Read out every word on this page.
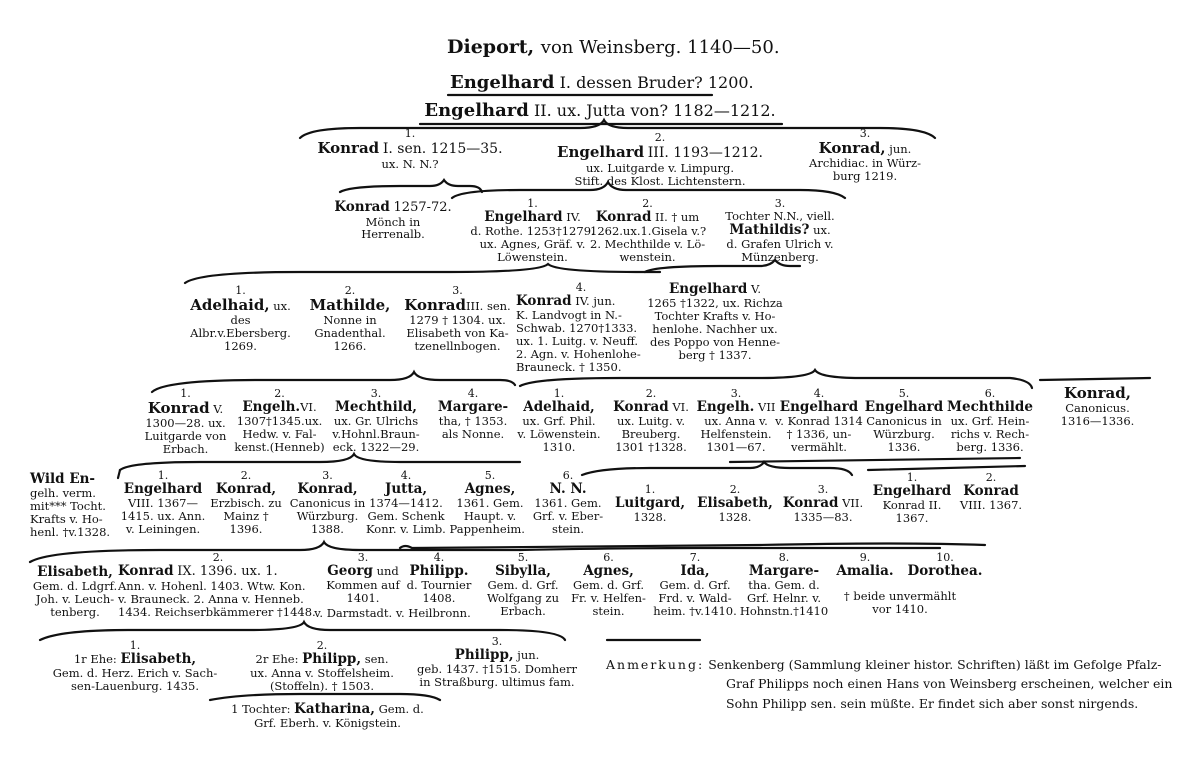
Dieport, von Weinsberg. 1140—50.
Engelhard I. dessen Bruder? 1200.
Engelhard II. ux. Jutta von? 1182—1212.
1.
Konrad I. sen. 1215—35.
ux. N. N.?
2.
Engelhard III. 1193—1212.
ux. Luitgarde v. Limpurg.
Stift. des Klost. Lichtenstern.
3.
Konrad, jun.
Archidiac. in Würz-
burg 1219.
Konrad 1257-72.
Mönch in
Herrenalb.
1.
Engelhard IV.
d. Rothe. 1253†1279.
ux. Agnes, Gräf. v.
Löwenstein.
2.
Konrad II. † um
1262.ux.1.Gisela v.?
2. Mechthilde v. Lö-
wenstein.
3.
Tochter N.N., viell.
Mathildis? ux.
d. Grafen Ulrich v.
Münzenberg.
1.
Adelhaid, ux.
des
Albr.v.Ebersberg.
1269.
2.
Mathilde,
Nonne in
Gnadenthal.
1266.
3.
KonradIII. sen.
1279 † 1304. ux.
Elisabeth von Ka-
tzenellnbogen.
4.
Konrad IV. jun.
K. Landvogt in N.-
Schwab. 1270†1333.
ux. 1. Luitg. v. Neuff.
2. Agn. v. Hohenlohe-
Brauneck. † 1350.
Engelhard V.
1265 †1322, ux. Richza
Tochter Krafts v. Ho-
henlohe. Nachher ux.
des Poppo von Henne-
berg † 1337.
1.
Konrad V.
1300—28. ux.
Luitgarde von
Erbach.
2.
Engelh.VI.
1307†1345.ux.
Hedw. v. Fal-
kenst.(Henneb)
3.
Mechthild,
ux. Gr. Ulrichs
v.Hohnl.Braun-
eck. 1322—29.
4.
Margare-
tha, † 1353.
als Nonne.
1.
Adelhaid,
ux. Grf. Phil.
v. Löwenstein.
1310.
2.
Konrad VI.
ux. Luitg. v.
Breuberg.
1301 †1328.
3.
Engelh. VII
ux. Anna v.
Helfenstein.
1301—67.
4.
Engelhard
v. Konrad 1314
† 1336, un-
vermählt.
5.
Engelhard
Canonicus in
Würzburg.
1336.
6.
Mechthilde
ux. Grf. Hein-
richs v. Rech-
berg. 1336.
Konrad,
Canonicus.
1316—1336.
Wild En-
gelh. verm.
mit*** Tocht.
Krafts v. Ho-
henl. †v.1328.
1.
Engelhard
VIII. 1367—
1415. ux. Ann.
v. Leiningen.
2.
Konrad,
Erzbisch. zu
Mainz †
1396.
3.
Konrad,
Canonicus in
Würzburg.
1388.
4.
Jutta,
1374—1412.
Gem. Schenk
Konr. v. Limb. Pappenheim.
5.
Agnes,
1361. Gem.
Haupt. v.
6.
N. N.
1361. Gem.
Grf. v. Eber-
stein.
1.
Luitgard,
1328.
2.
Elisabeth,
1328.
3.
Konrad VII.
1335—83.
1.
Engelhard
Konrad II.
1367.
2.
Konrad
VIII. 1367.
Elisabeth,
Gem. d. Ldgrf.
Joh. v. Leuch-
tenberg.
2.
Konrad IX. 1396. ux. 1.
Ann. v. Hohenl. 1403. Wtw. Kon.
v. Brauneck. 2. Anna v. Henneb.
1434. Reichserbkämmerer †1448.
3.
Georg und
Kommen auf
1401.
4.
Philipp.
d. Tournier
1408.
v. Darmstadt. v. Heilbronn.
5.
Sibylla,
Gem. d. Grf.
Wolfgang zu
Erbach.
6.
Agnes,
Gem. d. Grf.
Fr. v. Helfen-
stein.
7.
Ida,
Gem. d. Grf.
Frd. v. Wald-
heim. †v.1410.
8.
Margare-
tha. Gem. d.
Grf. Helnr. v.
Hohnstn.†1410
9.
Amalia.
10.
Dorothea.
† beide unvermählt
vor 1410.
1.
1r Ehe: Elisabeth,
Gem. d. Herz. Erich v. Sach-
sen-Lauenburg. 1435.
2.
2r Ehe: Philipp, sen.
ux. Anna v. Stoffelsheim.
(Stoffeln). † 1503.
3.
Philipp, jun.
geb. 1437. †1515. Domherr
in Straßburg. ultimus fam.
1 Tochter: Katharina, Gem. d.
Grf. Eberh. v. Königstein.
Anmerkung: Senkenberg (Sammlung kleiner histor. Schriften) läßt im Gefolge Pfalz-
Graf Philipps noch einen Hans von Weinsberg erscheinen, welcher ein
Sohn Philipp sen. sein müßte. Er findet sich aber sonst nirgends.
